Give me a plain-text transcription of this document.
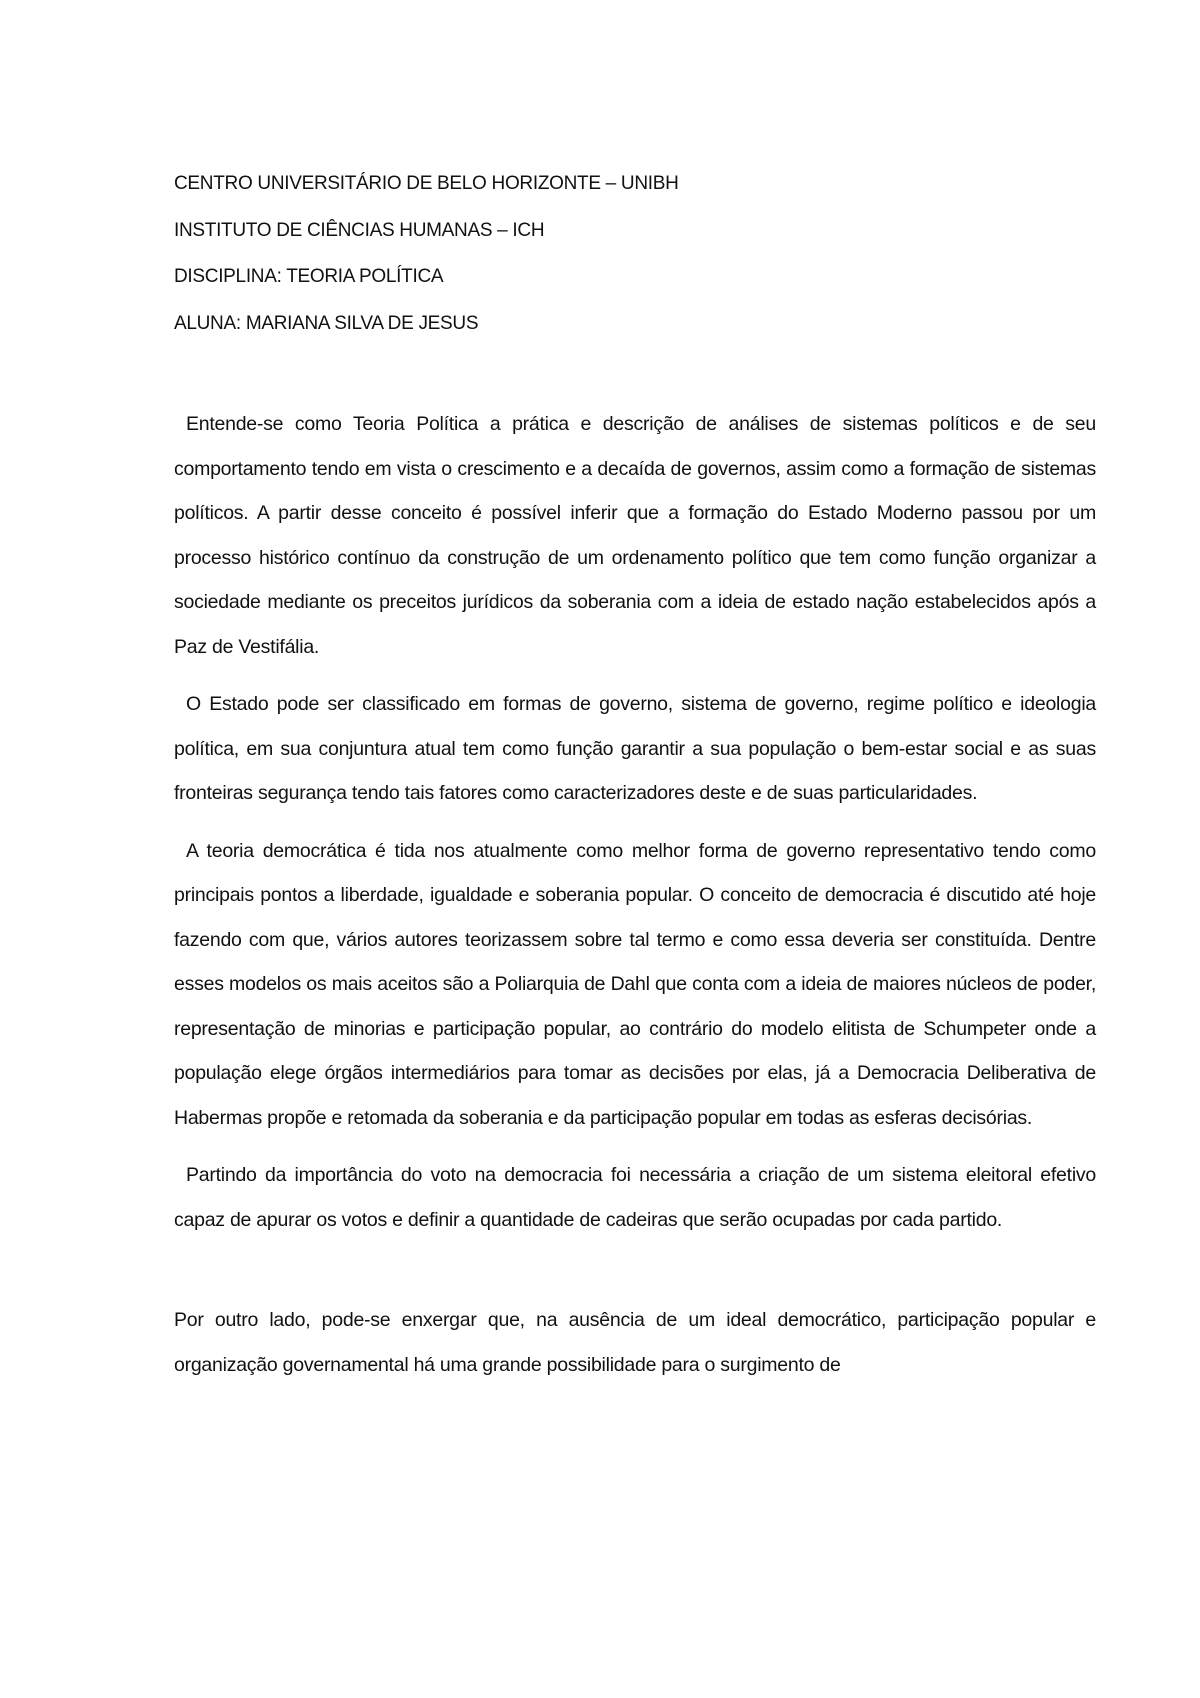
CENTRO UNIVERSITÁRIO DE BELO HORIZONTE – UNIBH
INSTITUTO DE CIÊNCIAS HUMANAS – ICH
DISCIPLINA: TEORIA POLÍTICA
ALUNA: MARIANA SILVA DE JESUS

Entende-se como Teoria Política a prática e descrição de análises de sistemas políticos e de seu comportamento tendo em vista o crescimento e a decaída de governos, assim como a formação de sistemas políticos. A partir desse conceito é possível inferir que a formação do Estado Moderno passou por um processo histórico contínuo da construção de um ordenamento político que tem como função organizar a sociedade mediante os preceitos jurídicos da soberania com a ideia de estado nação estabelecidos após a Paz de Vestifália.

O Estado pode ser classificado em formas de governo, sistema de governo, regime político e ideologia política, em sua conjuntura atual tem como função garantir a sua população o bem-estar social e as suas fronteiras segurança tendo tais fatores como caracterizadores deste e de suas particularidades.

A teoria democrática é tida nos atualmente como melhor forma de governo representativo tendo como principais pontos a liberdade, igualdade e soberania popular. O conceito de democracia é discutido até hoje fazendo com que, vários autores teorizassem sobre tal termo e como essa deveria ser constituída. Dentre esses modelos os mais aceitos são a Poliarquia de Dahl que conta com a ideia de maiores núcleos de poder, representação de minorias e participação popular, ao contrário do modelo elitista de Schumpeter onde a população elege órgãos intermediários para tomar as decisões por elas, já a Democracia Deliberativa de Habermas propõe e retomada da soberania e da participação popular em todas as esferas decisórias.

Partindo da importância do voto na democracia foi necessária a criação de um sistema eleitoral efetivo capaz de apurar os votos e definir a quantidade de cadeiras que serão ocupadas por cada partido.

Por outro lado, pode-se enxergar que, na ausência de um ideal democrático, participação popular e organização governamental há uma grande possibilidade para o surgimento de
